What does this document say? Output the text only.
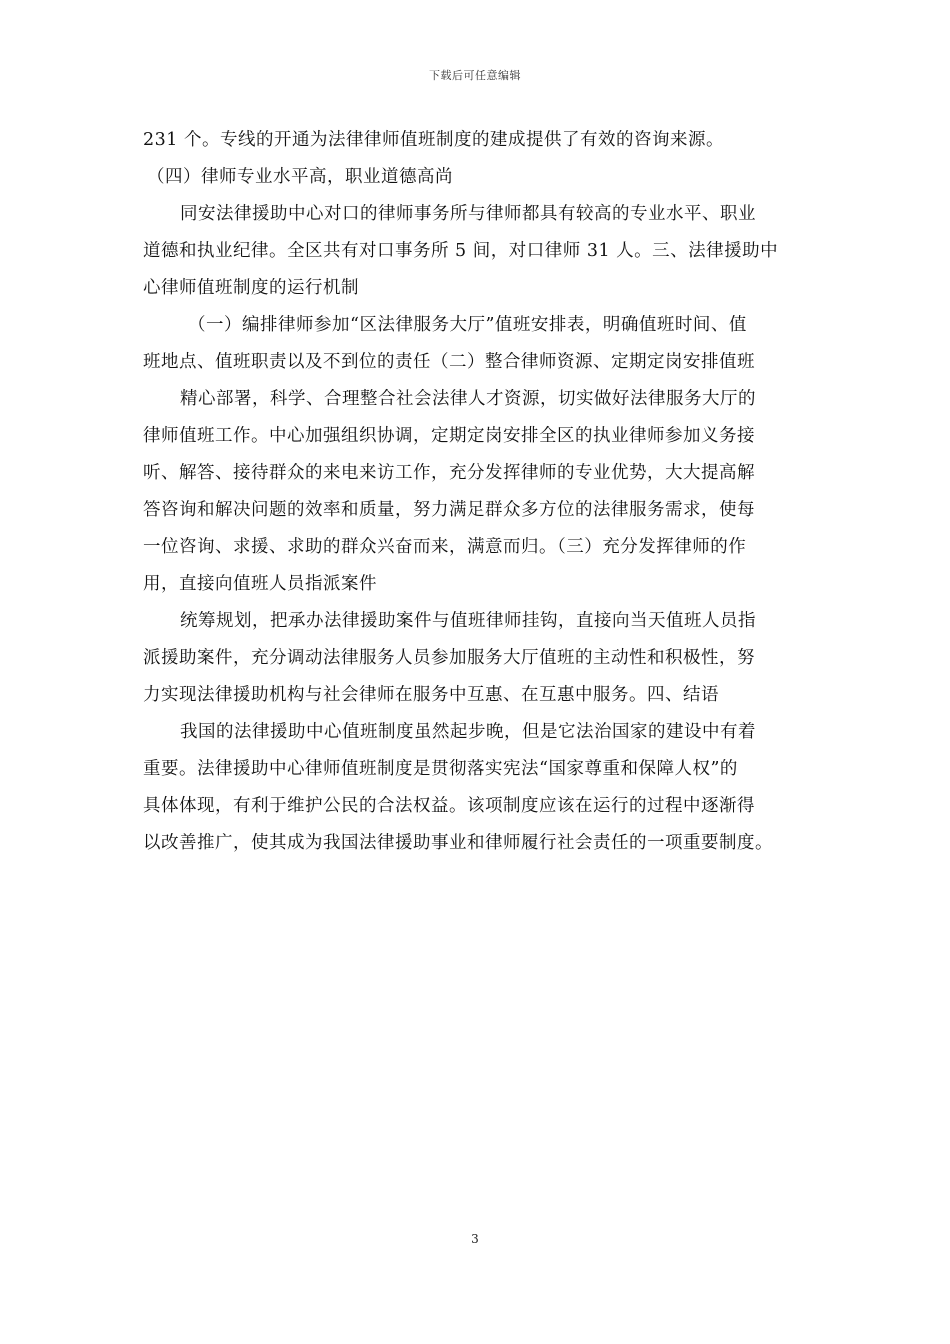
下载后可任意编辑
231 个。专线的开通为法律律师值班制度的建成提供了有效的咨询来源。
（四）律师专业水平高，职业道德高尚
同安法律援助中心对口的律师事务所与律师都具有较高的专业水平、职业
道德和执业纪律。全区共有对口事务所 5 间，对口律师 31 人。三、法律援助中
心律师值班制度的运行机制
（一）编排律师参加“区法律服务大厅”值班安排表，明确值班时间、值
班地点、值班职责以及不到位的责任（二）整合律师资源、定期定岗安排值班
精心部署，科学、合理整合社会法律人才资源，切实做好法律服务大厅的
律师值班工作。中心加强组织协调，定期定岗安排全区的执业律师参加义务接
听、解答、接待群众的来电来访工作，充分发挥律师的专业优势，大大提高解
答咨询和解决问题的效率和质量，努力满足群众多方位的法律服务需求，使每
一位咨询、求援、求助的群众兴奋而来，满意而归。（三）充分发挥律师的作
用，直接向值班人员指派案件
统筹规划，把承办法律援助案件与值班律师挂钩，直接向当天值班人员指
派援助案件，充分调动法律服务人员参加服务大厅值班的主动性和积极性，努
力实现法律援助机构与社会律师在服务中互惠、在互惠中服务。四、结语
我国的法律援助中心值班制度虽然起步晚，但是它法治国家的建设中有着
重要。法律援助中心律师值班制度是贯彻落实宪法“国家尊重和保障人权”的
具体体现，有利于维护公民的合法权益。该项制度应该在运行的过程中逐渐得
以改善推广，使其成为我国法律援助事业和律师履行社会责任的一项重要制度。
3
